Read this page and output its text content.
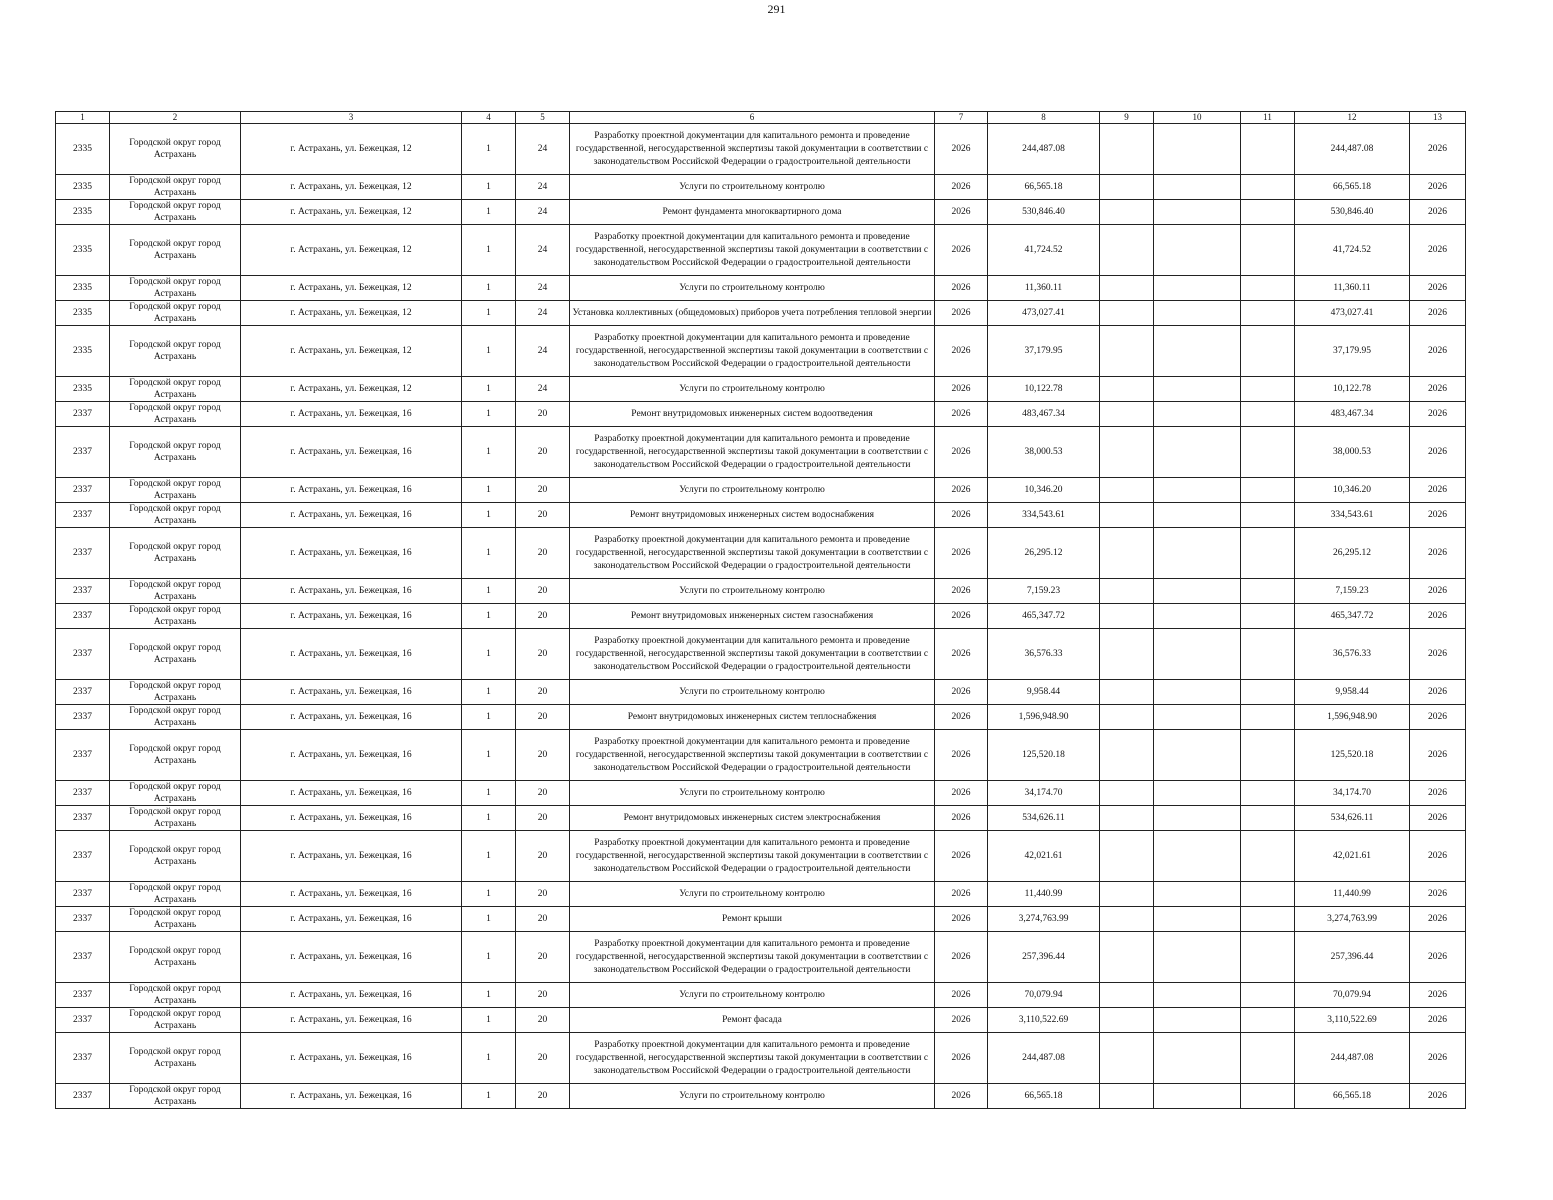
291
1	2	3	4	5	6	7	8	9	10	11	12	13
2335	Городской округ город Астрахань	г. Астрахань, ул. Бежецкая, 12	1	24	Разработку проектной документации для капитального ремонта и проведение государственной, негосударственной экспертизы такой документации в соответствии с законодательством Российской Федерации о градостроительной деятельности	2026	244,487.08				244,487.08	2026
2335	Городской округ город Астрахань	г. Астрахань, ул. Бежецкая, 12	1	24	Услуги по строительному контролю	2026	66,565.18				66,565.18	2026
2335	Городской округ город Астрахань	г. Астрахань, ул. Бежецкая, 12	1	24	Ремонт фундамента многоквартирного дома	2026	530,846.40				530,846.40	2026
2335	Городской округ город Астрахань	г. Астрахань, ул. Бежецкая, 12	1	24	Разработку проектной документации для капитального ремонта и проведение государственной, негосударственной экспертизы такой документации в соответствии с законодательством Российской Федерации о градостроительной деятельности	2026	41,724.52				41,724.52	2026
2335	Городской округ город Астрахань	г. Астрахань, ул. Бежецкая, 12	1	24	Услуги по строительному контролю	2026	11,360.11				11,360.11	2026
2335	Городской округ город Астрахань	г. Астрахань, ул. Бежецкая, 12	1	24	Установка коллективных (общедомовых) приборов учета потребления тепловой энергии	2026	473,027.41				473,027.41	2026
2335	Городской округ город Астрахань	г. Астрахань, ул. Бежецкая, 12	1	24	Разработку проектной документации для капитального ремонта и проведение государственной, негосударственной экспертизы такой документации в соответствии с законодательством Российской Федерации о градостроительной деятельности	2026	37,179.95				37,179.95	2026
2335	Городской округ город Астрахань	г. Астрахань, ул. Бежецкая, 12	1	24	Услуги по строительному контролю	2026	10,122.78				10,122.78	2026
2337	Городской округ город Астрахань	г. Астрахань, ул. Бежецкая, 16	1	20	Ремонт внутридомовых инженерных систем водоотведения	2026	483,467.34				483,467.34	2026
2337	Городской округ город Астрахань	г. Астрахань, ул. Бежецкая, 16	1	20	Разработку проектной документации для капитального ремонта и проведение государственной, негосударственной экспертизы такой документации в соответствии с законодательством Российской Федерации о градостроительной деятельности	2026	38,000.53				38,000.53	2026
2337	Городской округ город Астрахань	г. Астрахань, ул. Бежецкая, 16	1	20	Услуги по строительному контролю	2026	10,346.20				10,346.20	2026
2337	Городской округ город Астрахань	г. Астрахань, ул. Бежецкая, 16	1	20	Ремонт внутридомовых инженерных систем водоснабжения	2026	334,543.61				334,543.61	2026
2337	Городской округ город Астрахань	г. Астрахань, ул. Бежецкая, 16	1	20	Разработку проектной документации для капитального ремонта и проведение государственной, негосударственной экспертизы такой документации в соответствии с законодательством Российской Федерации о градостроительной деятельности	2026	26,295.12				26,295.12	2026
2337	Городской округ город Астрахань	г. Астрахань, ул. Бежецкая, 16	1	20	Услуги по строительному контролю	2026	7,159.23				7,159.23	2026
2337	Городской округ город Астрахань	г. Астрахань, ул. Бежецкая, 16	1	20	Ремонт внутридомовых инженерных систем газоснабжения	2026	465,347.72				465,347.72	2026
2337	Городской округ город Астрахань	г. Астрахань, ул. Бежецкая, 16	1	20	Разработку проектной документации для капитального ремонта и проведение государственной, негосударственной экспертизы такой документации в соответствии с законодательством Российской Федерации о градостроительной деятельности	2026	36,576.33				36,576.33	2026
2337	Городской округ город Астрахань	г. Астрахань, ул. Бежецкая, 16	1	20	Услуги по строительному контролю	2026	9,958.44				9,958.44	2026
2337	Городской округ город Астрахань	г. Астрахань, ул. Бежецкая, 16	1	20	Ремонт внутридомовых инженерных систем теплоснабжения	2026	1,596,948.90				1,596,948.90	2026
2337	Городской округ город Астрахань	г. Астрахань, ул. Бежецкая, 16	1	20	Разработку проектной документации для капитального ремонта и проведение государственной, негосударственной экспертизы такой документации в соответствии с законодательством Российской Федерации о градостроительной деятельности	2026	125,520.18				125,520.18	2026
2337	Городской округ город Астрахань	г. Астрахань, ул. Бежецкая, 16	1	20	Услуги по строительному контролю	2026	34,174.70				34,174.70	2026
2337	Городской округ город Астрахань	г. Астрахань, ул. Бежецкая, 16	1	20	Ремонт внутридомовых инженерных систем электроснабжения	2026	534,626.11				534,626.11	2026
2337	Городской округ город Астрахань	г. Астрахань, ул. Бежецкая, 16	1	20	Разработку проектной документации для капитального ремонта и проведение государственной, негосударственной экспертизы такой документации в соответствии с законодательством Российской Федерации о градостроительной деятельности	2026	42,021.61				42,021.61	2026
2337	Городской округ город Астрахань	г. Астрахань, ул. Бежецкая, 16	1	20	Услуги по строительному контролю	2026	11,440.99				11,440.99	2026
2337	Городской округ город Астрахань	г. Астрахань, ул. Бежецкая, 16	1	20	Ремонт крыши	2026	3,274,763.99				3,274,763.99	2026
2337	Городской округ город Астрахань	г. Астрахань, ул. Бежецкая, 16	1	20	Разработку проектной документации для капитального ремонта и проведение государственной, негосударственной экспертизы такой документации в соответствии с законодательством Российской Федерации о градостроительной деятельности	2026	257,396.44				257,396.44	2026
2337	Городской округ город Астрахань	г. Астрахань, ул. Бежецкая, 16	1	20	Услуги по строительному контролю	2026	70,079.94				70,079.94	2026
2337	Городской округ город Астрахань	г. Астрахань, ул. Бежецкая, 16	1	20	Ремонт фасада	2026	3,110,522.69				3,110,522.69	2026
2337	Городской округ город Астрахань	г. Астрахань, ул. Бежецкая, 16	1	20	Разработку проектной документации для капитального ремонта и проведение государственной, негосударственной экспертизы такой документации в соответствии с законодательством Российской Федерации о градостроительной деятельности	2026	244,487.08				244,487.08	2026
2337	Городской округ город Астрахань	г. Астрахань, ул. Бежецкая, 16	1	20	Услуги по строительному контролю	2026	66,565.18				66,565.18	2026
